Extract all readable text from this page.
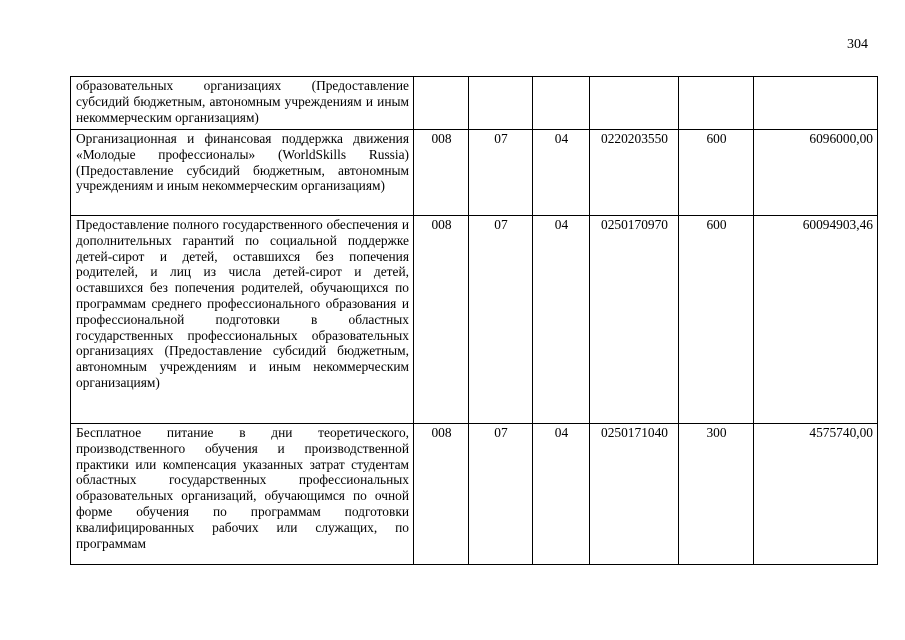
304
образовательных организациях (Предоставление субсидий бюджетным, автономным учреждениям и иным некоммерческим организациям)						
Организационная и финансовая поддержка движения «Молодые профессионалы» (WorldSkills Russia) (Предоставление субсидий бюджетным, автономным учреждениям и иным некоммерческим организациям)	008	07	04	0220203550	600	6096000,00
Предоставление полного государственного обеспечения и дополнительных гарантий по социальной поддержке детей-сирот и детей, оставшихся без попечения родителей, и лиц из числа детей-сирот и детей, оставшихся без попечения родителей, обучающихся по программам среднего профессионального образования и профессиональной подготовки в областных государственных профессиональных образовательных организациях (Предоставление субсидий бюджетным, автономным учреждениям и иным некоммерческим организациям)	008	07	04	0250170970	600	60094903,46
Бесплатное питание в дни теоретического, производственного обучения и производственной практики или компенсация указанных затрат студентам областных государственных профессиональных образовательных организаций, обучающимся по очной форме обучения по программам подготовки квалифицированных рабочих или служащих, по программам	008	07	04	0250171040	300	4575740,00
